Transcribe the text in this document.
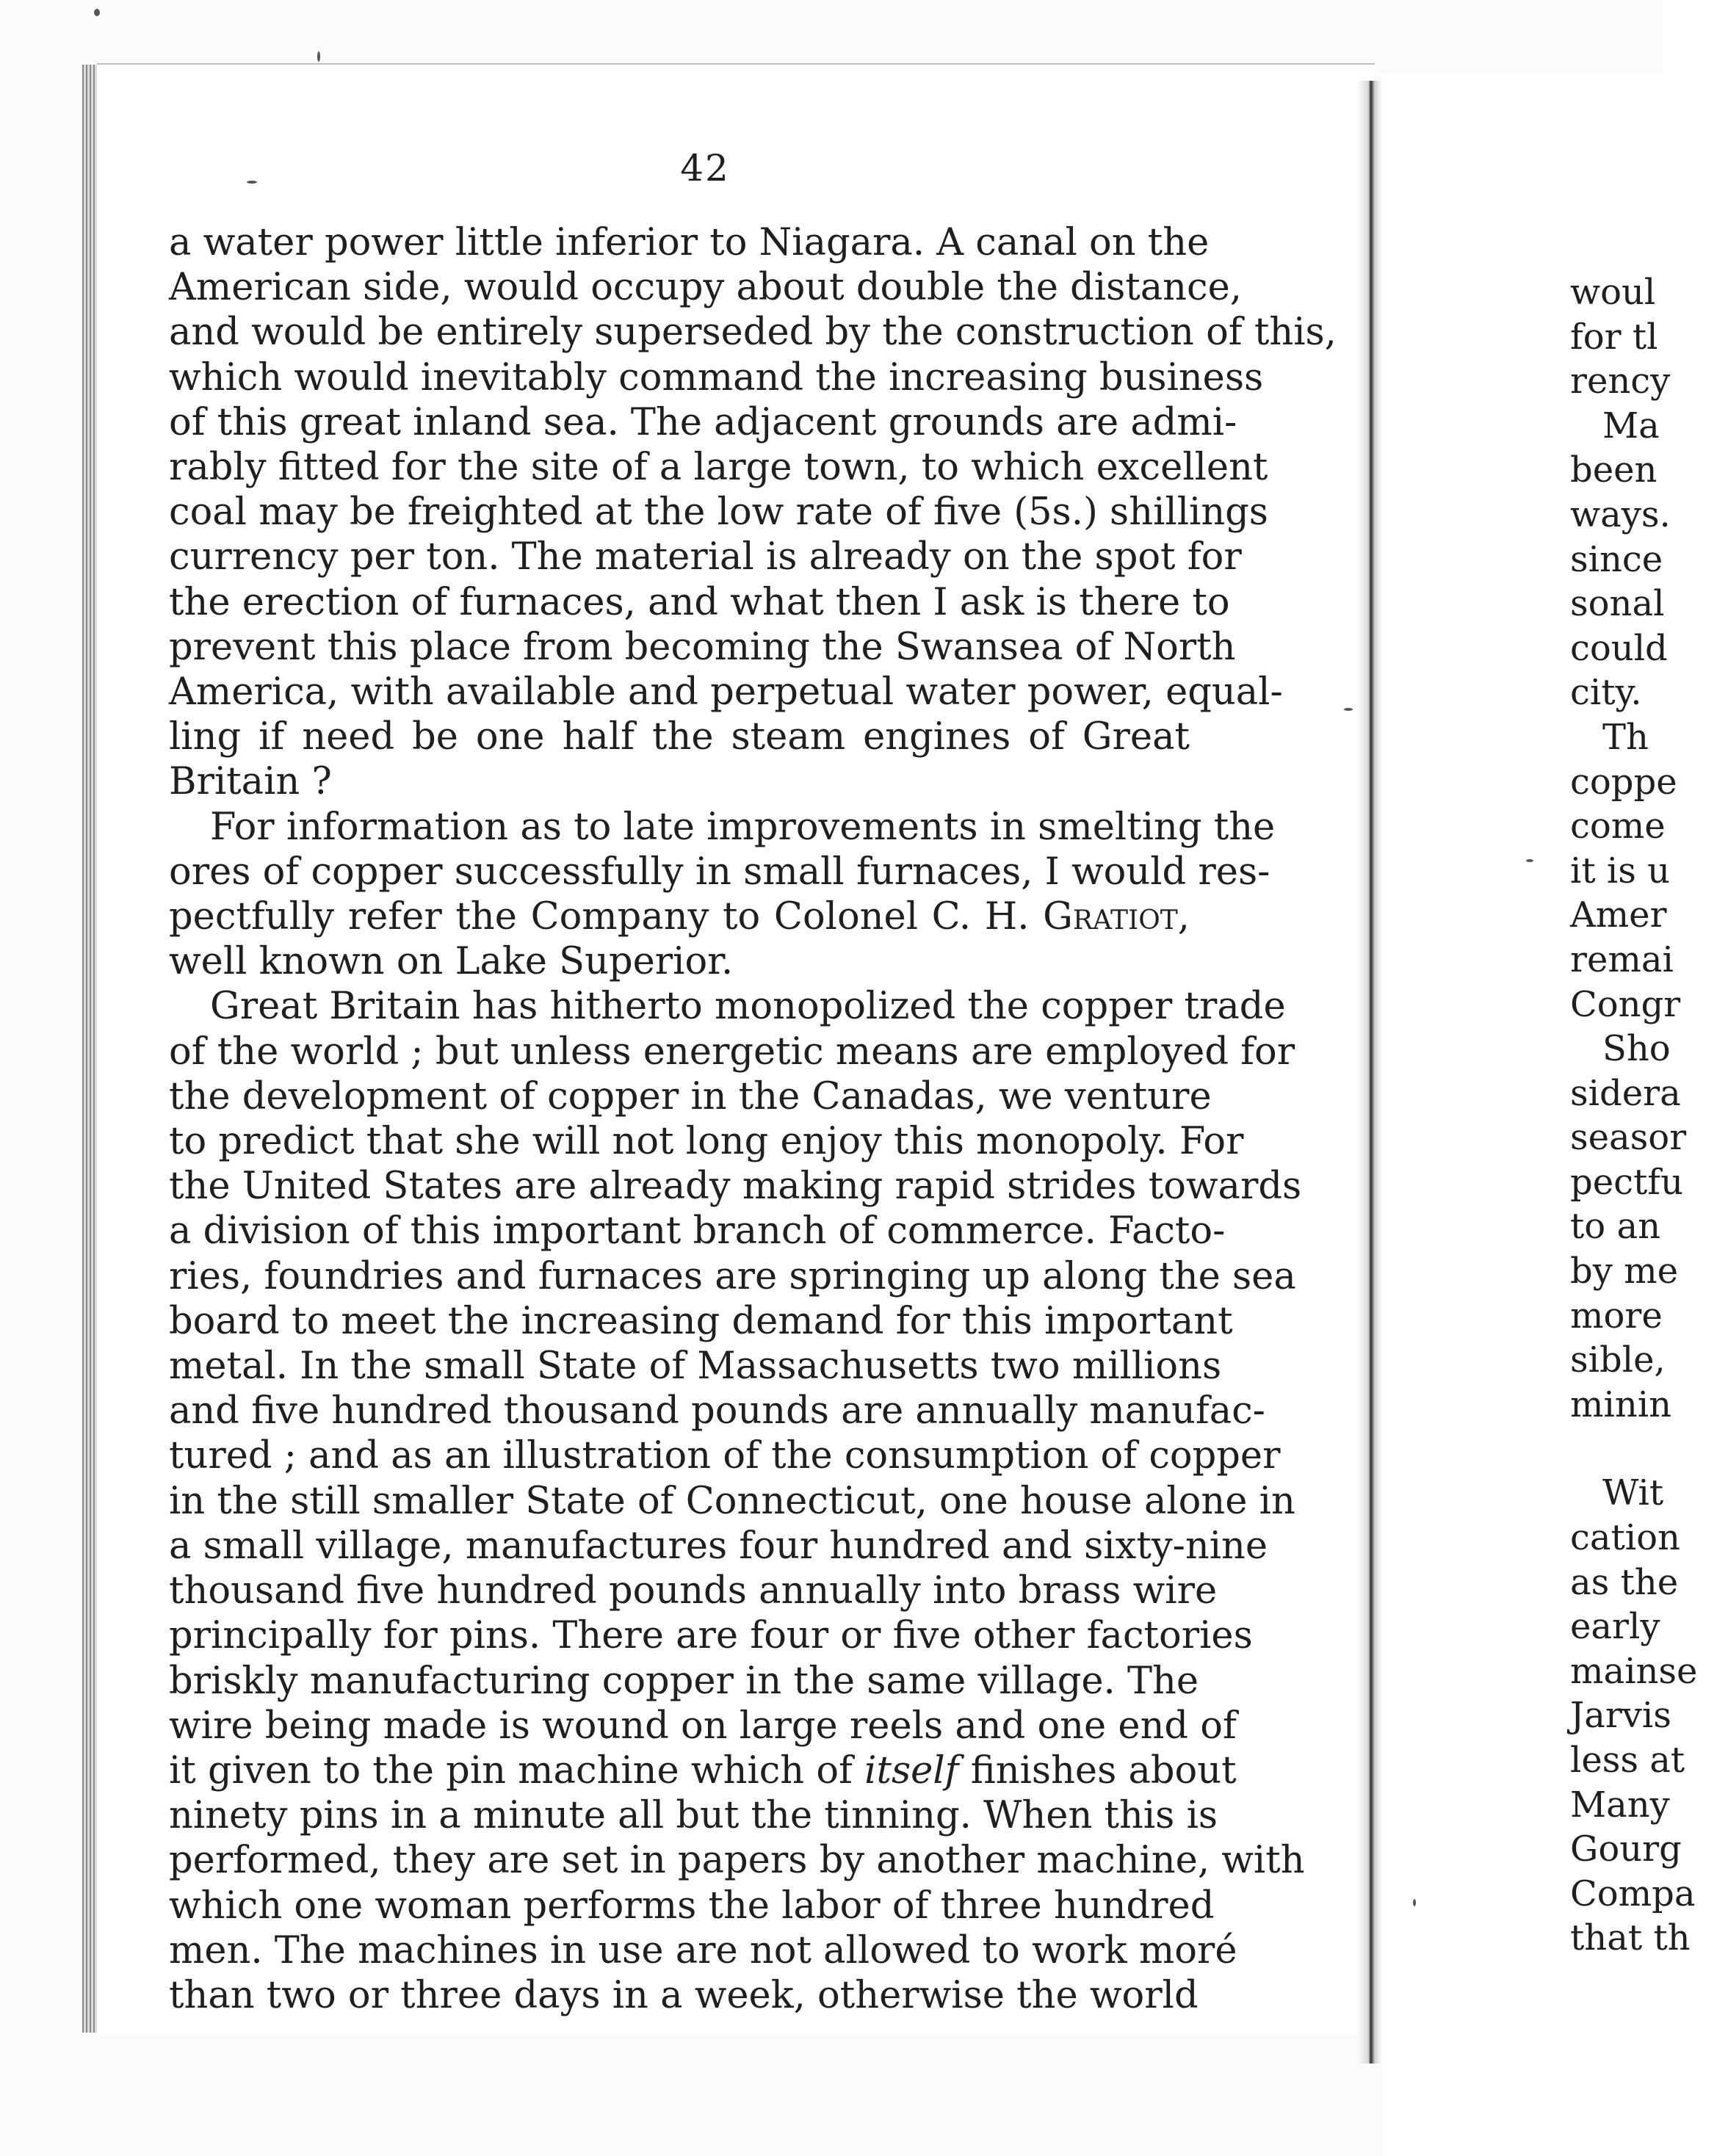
42
a water power little inferior to Niagara. A canal on the
American side, would occupy about double the distance,
and would be entirely superseded by the construction of this,
which would inevitably command the increasing business
of this great inland sea. The adjacent grounds are admi-
rably fitted for the site of a large town, to which excellent
coal may be freighted at the low rate of five (5s.) shillings
currency per ton. The material is already on the spot for
the erection of furnaces, and what then I ask is there to
prevent this place from becoming the Swansea of North
America, with available and perpetual water power, equal-
ling if need be one half the steam engines of Great
Britain ?
For information as to late improvements in smelting the
ores of copper successfully in small furnaces, I would res-
pectfully refer the Company to Colonel C. H. Gratiot,
well known on Lake Superior.
Great Britain has hitherto monopolized the copper trade
of the world ; but unless energetic means are employed for
the development of copper in the Canadas, we venture
to predict that she will not long enjoy this monopoly. For
the United States are already making rapid strides towards
a division of this important branch of commerce. Facto-
ries, foundries and furnaces are springing up along the sea
board to meet the increasing demand for this important
metal. In the small State of Massachusetts two millions
and five hundred thousand pounds are annually manufac-
tured ; and as an illustration of the consumption of copper
in the still smaller State of Connecticut, one house alone in
a small village, manufactures four hundred and sixty-nine
thousand five hundred pounds annually into brass wire
principally for pins. There are four or five other factories
briskly manufacturing copper in the same village. The
wire being made is wound on large reels and one end of
it given to the pin machine which of itself finishes about
ninety pins in a minute all but the tinning. When this is
performed, they are set in papers by another machine, with
which one woman performs the labor of three hundred
men. The machines in use are not allowed to work moré
than two or three days in a week, otherwise the world
woul
for tl
rency
Ma
been
ways.
since
sonal
could
city.
Th
coppe
come
it is u
Amer
remai
Congr
Sho
sidera
seasor
pectfu
to an
by me
more
sible,
minin
Wit
cation
as the
early
mainse
Jarvis
less at
Many
Gourg
Compa
that th
